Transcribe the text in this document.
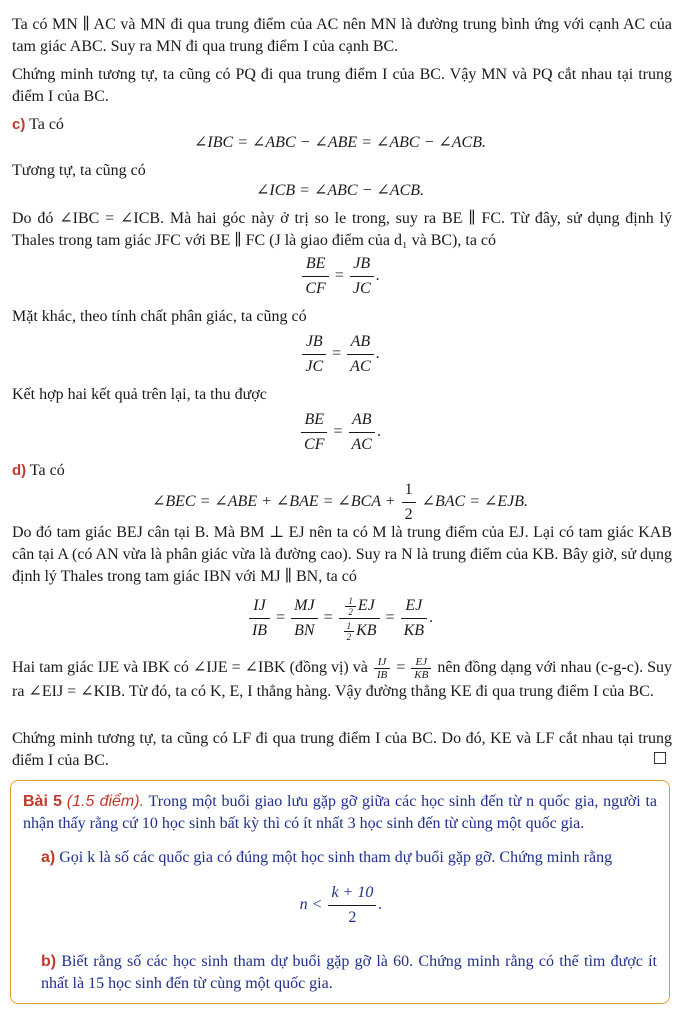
Ta có MN ∥ AC và MN đi qua trung điểm của AC nên MN là đường trung bình ứng với cạnh AC của tam giác ABC. Suy ra MN đi qua trung điểm I của cạnh BC.
Chứng minh tương tự, ta cũng có PQ đi qua trung điểm I của BC. Vậy MN và PQ cắt nhau tại trung điểm I của BC.
c) Ta có
∠IBC = ∠ABC − ∠ABE = ∠ABC − ∠ACB.
Tương tự, ta cũng có
∠ICB = ∠ABC − ∠ACB.
Do đó ∠IBC = ∠ICB. Mà hai góc này ở trị so le trong, suy ra BE ∥ FC. Từ đây, sử dụng định lý Thales trong tam giác JFC với BE ∥ FC (J là giao điểm của d₁ và BC), ta có
$\frac{BE}{CF} = \frac{JB}{JC}$ .
Mặt khác, theo tính chất phân giác, ta cũng có
$\frac{JB}{JC} = \frac{AB}{AC}$ .
Kết hợp hai kết quả trên lại, ta thu được
$\frac{BE}{CF} = \frac{AB}{AC}$ .
d) Ta có
∠BEC = ∠ABE + ∠BAE = ∠BCA + $\frac{1}{2}$ ∠BAC = ∠EJB.
Do đó tam giác BEJ cân tại B. Mà BM ⊥ EJ nên ta có M là trung điểm của EJ. Lại có tam giác KAB cân tại A (có AN vừa là phân giác vừa là đường cao). Suy ra N là trung điểm của KB. Bây giờ, sử dụng định lý Thales trong tam giác IBN với MJ ∥ BN, ta có
$\frac{IJ}{IB} = \frac{MJ}{BN} = \frac{\frac{1}{2} EJ}{\frac{1}{2} KB} = \frac{EJ}{KB}$ .
Hai tam giác IJE và IBK có ∠IJE = ∠IBK (đồng vị) và $\frac{IJ}{IB} = \frac{EJ}{KB}$ nên đồng dạng với nhau (c-g-c). Suy ra ∠EIJ = ∠KIB. Từ đó, ta có K, E, I thẳng hàng. Vậy đường thẳng KE đi qua trung điểm I của BC.
Chứng minh tương tự, ta cũng có LF đi qua trung điểm I của BC. Do đó, KE và LF cắt nhau tại trung điểm I của BC.
Bài 5 (1.5 điểm). Trong một buổi giao lưu gặp gỡ giữa các học sinh đến từ n quốc gia, người ta nhận thấy rằng cứ 10 học sinh bất kỳ thì có ít nhất 3 học sinh đến từ cùng một quốc gia.
a) Gọi k là số các quốc gia có đúng một học sinh tham dự buổi gặp gỡ. Chứng minh rằng
$n < \frac{k + 10}{2}$ .
b) Biết rằng số các học sinh tham dự buổi gặp gỡ là 60. Chứng minh rằng có thể tìm được ít nhất là 15 học sinh đến từ cùng một quốc gia.
